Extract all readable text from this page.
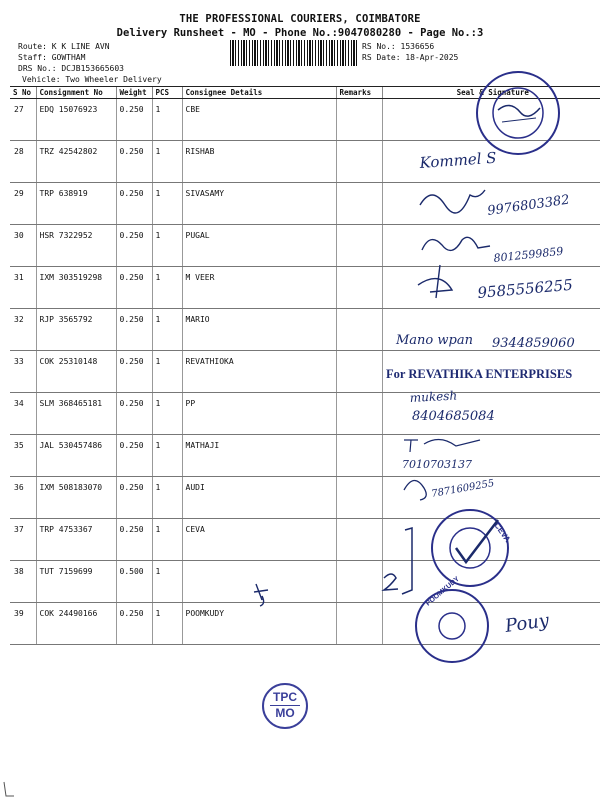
THE PROFESSIONAL COURIERS, COIMBATORE
Delivery Runsheet - MO - Phone No.:9047080280 - Page No.:3
Route: K K LINE AVN
Staff: GOWTHAM
DRS No.: DCJB153665603
Vehicle: Two Wheeler Delivery
RS No.: 1536656
RS Date: 18-Apr-2025
S No	Consignment No	Weight	PCS	Consignee Details	Remarks	Seal & Signature
27	EDQ 15076923	0.250	1	CBE		
28	TRZ 42542802	0.250	1	RISHAB		
29	TRP 638919	0.250	1	SIVASAMY		
30	HSR 7322952	0.250	1	PUGAL		
31	IXM 303519298	0.250	1	M VEER		
32	RJP 3565792	0.250	1	MARIO		
33	COK 25310148	0.250	1	REVATHIOKA		
34	SLM 368465181	0.250	1	PP		
35	JAL 530457486	0.250	1	MATHAJI		
36	IXM 508183070	0.250	1	AUDI		
37	TRP 4753367	0.250	1	CEVA		
38	TUT 7159699	0.500	1			
39	COK 24490166	0.250	1	POOMKUDY		
Kommel S
9976803382
8012599859
9585556255
Mano wpan 9344859060
mukesh
8404685084
7010703137
7871609255
CEVA
POOMKUDY
Pouy
For REVATHIKA ENTERPRISES
TPC
MO
